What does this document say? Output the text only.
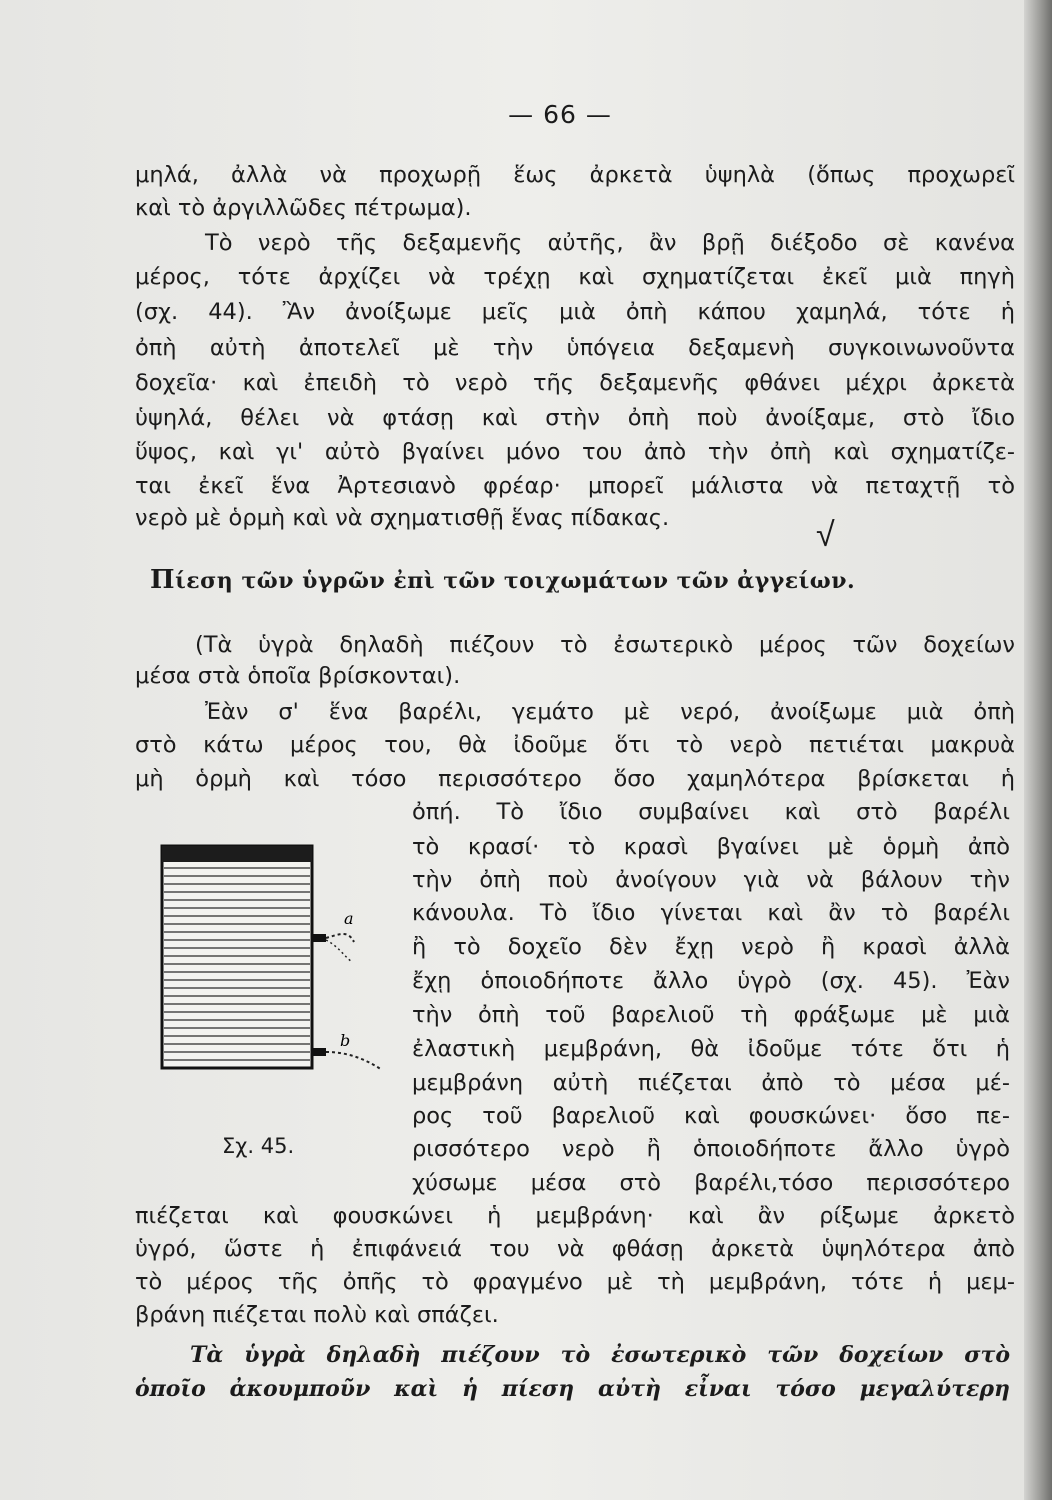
— 66 —
μηλά, ἀλλὰ νὰ προχωρῇ ἕως ἀρκετὰ ὑψηλὰ (ὅπως προχωρεῖ
καὶ τὸ ἀργιλλῶδες πέτρωμα).
Τὸ νερὸ τῆς δεξαμενῆς αὐτῆς, ἂν βρῇ διέξοδο σὲ κανένα
μέρος, τότε ἀρχίζει νὰ τρέχῃ καὶ σχηματίζεται ἐκεῖ μιὰ πηγὴ
(σχ. 44). Ἂν ἀνοίξωμε μεῖς μιὰ ὀπὴ κάπου χαμηλά, τότε ἡ
ὀπὴ αὐτὴ ἀποτελεῖ μὲ τὴν ὑπόγεια δεξαμενὴ συγκοινωνοῦντα
δοχεῖα· καὶ ἐπειδὴ τὸ νερὸ τῆς δεξαμενῆς φθάνει μέχρι ἀρκετὰ
ὑψηλά, θέλει νὰ φτάσῃ καὶ στὴν ὀπὴ ποὺ ἀνοίξαμε, στὸ ἴδιο
ὕψος, καὶ γι' αὐτὸ βγαίνει μόνο του ἀπὸ τὴν ὀπὴ καὶ σχηματίζε-
ται ἐκεῖ ἕνα Ἀρτεσιανὸ φρέαρ· μπορεῖ μάλιστα νὰ πεταχτῇ τὸ
νερὸ μὲ ὁρμὴ καὶ νὰ σχηματισθῇ ἕνας πίδακας.	√
Πίεση τῶν ὑγρῶν ἐπὶ τῶν τοιχωμάτων τῶν ἀγγείων.
(Τὰ ὑγρὰ δηλαδὴ πιέζουν τὸ ἐσωτερικὸ μέρος τῶν δοχείων
μέσα στὰ ὁποῖα βρίσκονται).
Ἐὰν σ' ἕνα βαρέλι, γεμάτο μὲ νερό, ἀνοίξωμε μιὰ ὀπὴ
στὸ κάτω μέρος του, θὰ ἰδοῦμε ὅτι τὸ νερὸ πετιέται μακρυὰ
μὴ ὁρμὴ καὶ τόσο περισσότερο ὅσο χαμηλότερα βρίσκεται ἡ
ὀπή. Τὸ ἴδιο συμβαίνει καὶ στὸ βαρέλι
τὸ κρασί· τὸ κρασὶ βγαίνει μὲ ὁρμὴ ἀπὸ
τὴν ὀπὴ ποὺ ἀνοίγουν γιὰ νὰ βάλουν τὴν
κάνουλα. Τὸ ἴδιο γίνεται καὶ ἂν τὸ βαρέλι
ἢ τὸ δοχεῖο δὲν ἔχῃ νερὸ ἢ κρασὶ ἀλλὰ
ἔχῃ ὁποιοδήποτε ἄλλο ὑγρὸ (σχ. 45). Ἐὰν
τὴν ὀπὴ τοῦ βαρελιοῦ τὴ φράξωμε μὲ μιὰ
ἐλαστικὴ μεμβράνη, θὰ ἰδοῦμε τότε ὅτι ἡ
μεμβράνη αὐτὴ πιέζεται ἀπὸ τὸ μέσα μέ-
ρος τοῦ βαρελιοῦ καὶ φουσκώνει· ὅσο πε-
ρισσότερο νερὸ ἢ ὁποιοδήποτε ἄλλο ὑγρὸ
χύσωμε μέσα στὸ βαρέλι,τόσο περισσότερο
a
b
Σχ. 45.
πιέζεται καὶ φουσκώνει ἡ μεμβράνη· καὶ ἂν ρίξωμε ἀρκετὸ
ὑγρό, ὥστε ἡ ἐπιφάνειά του νὰ φθάσῃ ἀρκετὰ ὑψηλότερα ἀπὸ
τὸ μέρος τῆς ὀπῆς τὸ φραγμένο μὲ τὴ μεμβράνη, τότε ἡ μεμ-
βράνη πιέζεται πολὺ καὶ σπάζει.
Τὰ ὑγρὰ δηλαδὴ πιέζουν τὸ ἐσωτερικὸ τῶν δοχείων στὸ
ὁποῖο ἀκουμποῦν καὶ ἡ πίεση αὐτὴ εἶναι τόσο μεγαλύτερη
